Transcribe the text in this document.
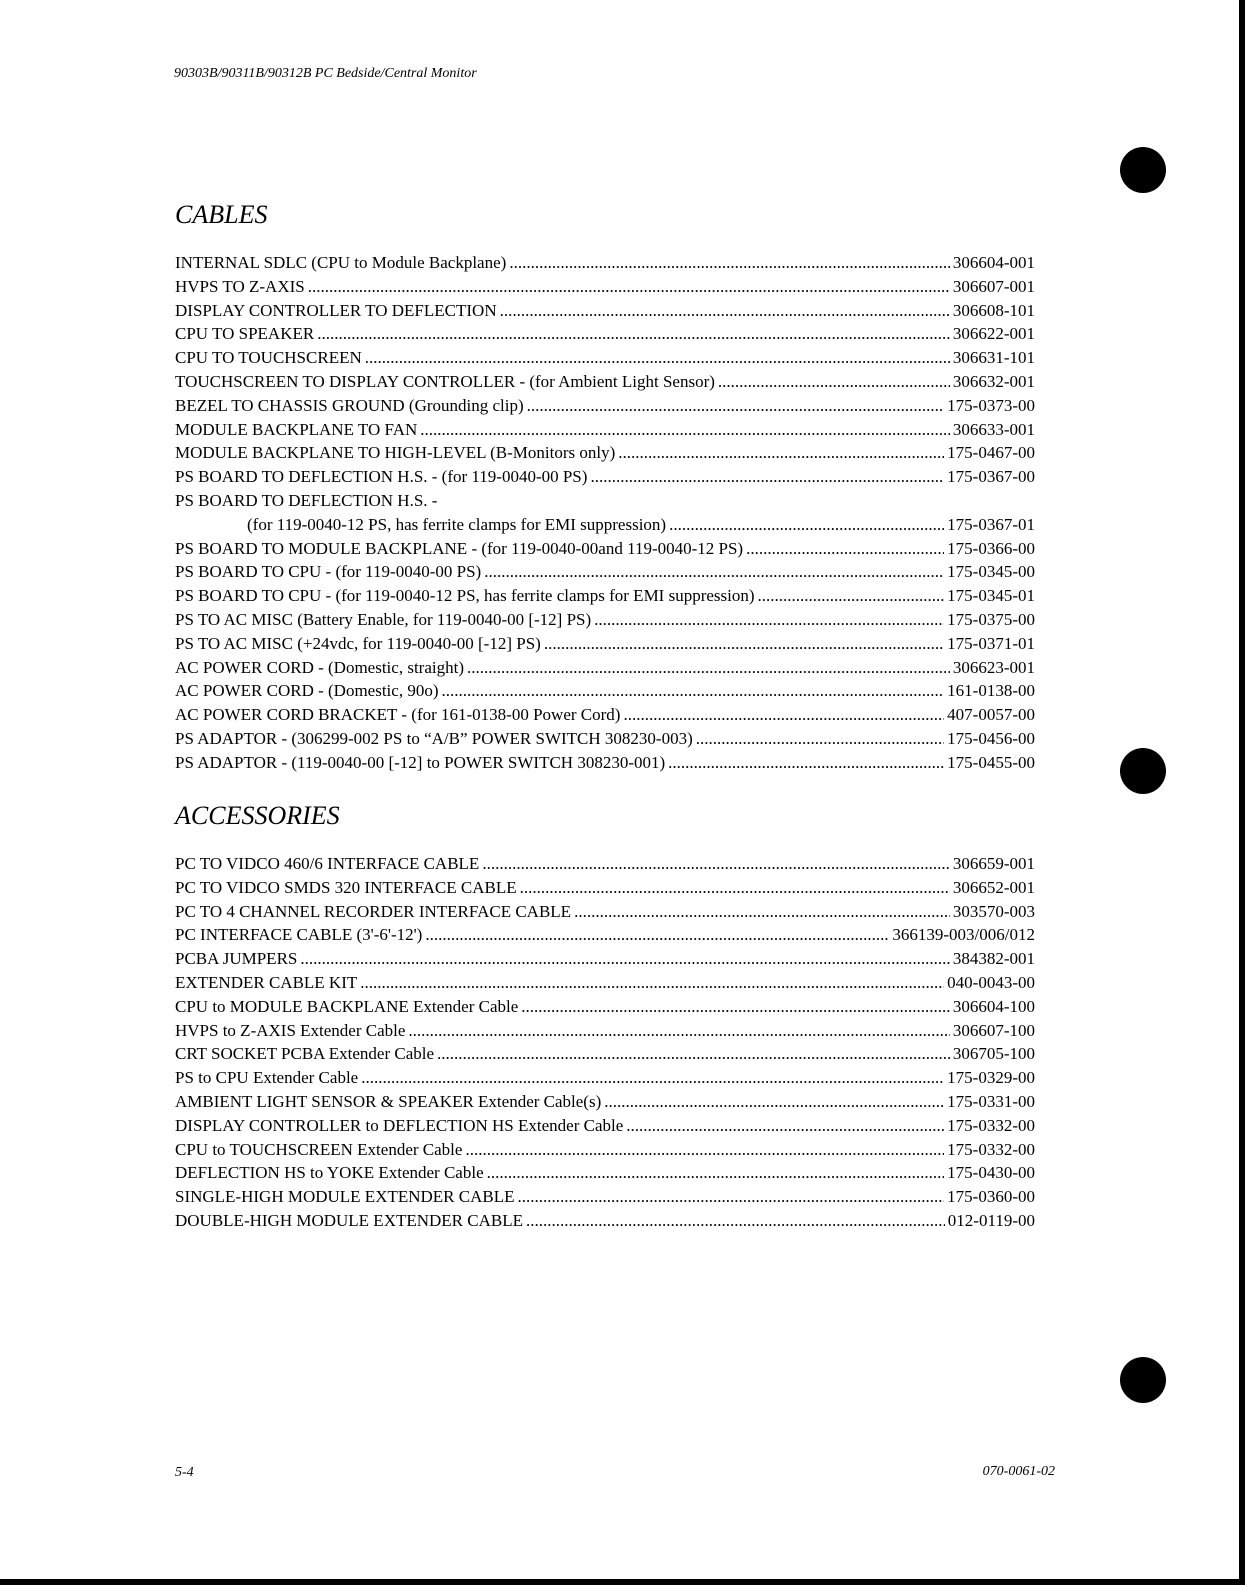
90303B/90311B/90312B PC Bedside/Central Monitor
CABLES
INTERNAL SDLC (CPU to Module Backplane) .....	306604-001
HVPS TO Z-AXIS .....	306607-001
DISPLAY CONTROLLER TO DEFLECTION .....	306608-101
CPU TO SPEAKER .....	306622-001
CPU TO TOUCHSCREEN .....	306631-101
TOUCHSCREEN TO DISPLAY CONTROLLER - (for Ambient Light Sensor) .....	306632-001
BEZEL TO CHASSIS GROUND (Grounding clip) .....	175-0373-00
MODULE BACKPLANE TO FAN .....	306633-001
MODULE BACKPLANE TO HIGH-LEVEL (B-Monitors only) .....	175-0467-00
PS BOARD TO DEFLECTION H.S. - (for 119-0040-00 PS) .....	175-0367-00
PS BOARD TO DEFLECTION H.S. -
(for 119-0040-12 PS, has ferrite clamps for EMI suppression) .....	175-0367-01
PS BOARD TO MODULE BACKPLANE - (for 119-0040-00and 119-0040-12 PS) .....	175-0366-00
PS BOARD TO CPU - (for 119-0040-00 PS) .....	175-0345-00
PS BOARD TO CPU - (for 119-0040-12 PS, has ferrite clamps for EMI suppression) .....	175-0345-01
PS TO AC MISC (Battery Enable, for 119-0040-00 [-12] PS) .....	175-0375-00
PS TO AC MISC (+24vdc, for 119-0040-00 [-12] PS) .....	175-0371-01
AC POWER CORD - (Domestic, straight) .....	306623-001
AC POWER CORD - (Domestic, 90o) .....	161-0138-00
AC POWER CORD BRACKET - (for 161-0138-00 Power Cord) .....	407-0057-00
PS ADAPTOR - (306299-002 PS to “A/B” POWER SWITCH 308230-003) .....	175-0456-00
PS ADAPTOR - (119-0040-00 [-12] to POWER SWITCH 308230-001) .....	175-0455-00
ACCESSORIES
PC TO VIDCO 460/6 INTERFACE CABLE .....	306659-001
PC TO VIDCO SMDS 320 INTERFACE CABLE .....	306652-001
PC TO 4 CHANNEL RECORDER INTERFACE CABLE .....	303570-003
PC INTERFACE CABLE (3'-6'-12') .....	366139-003/006/012
PCBA JUMPERS .....	384382-001
EXTENDER CABLE KIT .....	040-0043-00
CPU to MODULE BACKPLANE Extender Cable .....	306604-100
HVPS to Z-AXIS Extender Cable .....	306607-100
CRT SOCKET PCBA Extender Cable .....	306705-100
PS to CPU Extender Cable .....	175-0329-00
AMBIENT LIGHT SENSOR & SPEAKER Extender Cable(s) .....	175-0331-00
DISPLAY CONTROLLER to DEFLECTION HS Extender Cable .....	175-0332-00
CPU to TOUCHSCREEN Extender Cable .....	175-0332-00
DEFLECTION HS to YOKE Extender Cable .....	175-0430-00
SINGLE-HIGH MODULE EXTENDER CABLE .....	175-0360-00
DOUBLE-HIGH MODULE EXTENDER CABLE .....	012-0119-00
5-4	070-0061-02
